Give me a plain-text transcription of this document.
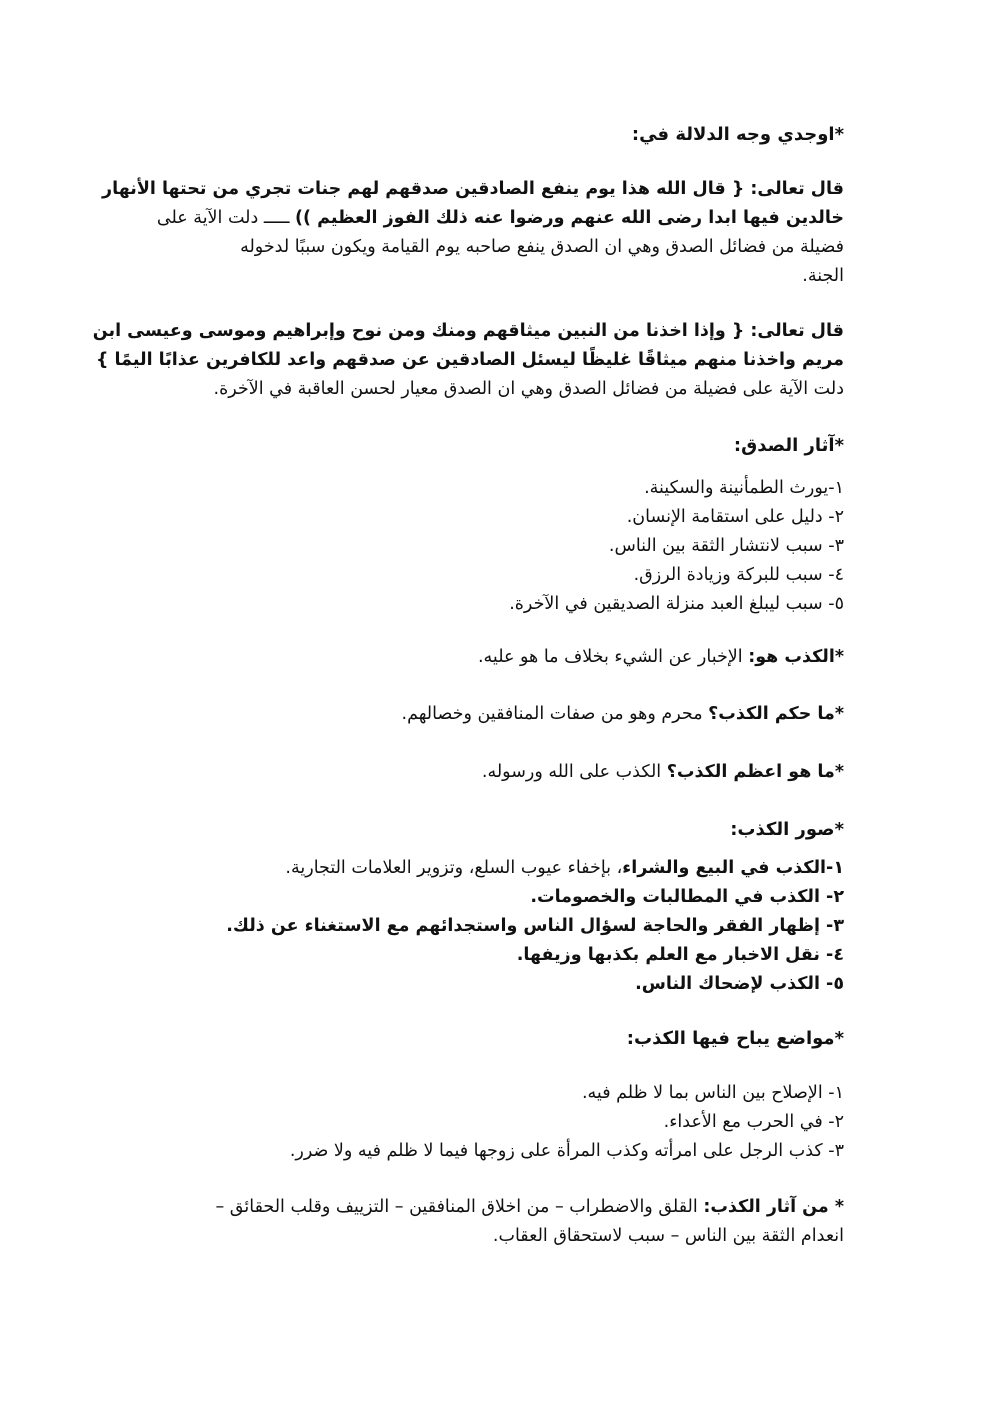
*اوجدي وجه الدلالة في:
قال تعالى: { قال الله هذا يوم ينفع الصادقين صدقهم لهم جنات تجري من تحتها الأنهار
خالدين فيها ابدا رضى الله عنهم ورضوا عنه ذلك الفوز العظيم )) ـــــ دلت الآية على
فضيلة من فضائل الصدق وهي ان الصدق ينفع صاحبه يوم القيامة ويكون سببًا لدخوله
الجنة.
قال تعالى: { وإذا اخذنا من النبين ميثاقهم ومنك ومن نوح وإبراهيم وموسى وعيسى ابن
مريم واخذنا منهم ميثاقًا غليظًا ليسئل الصادقين عن صدقهم واعد للكافرين عذابًا اليمًا }
دلت الآية على فضيلة من فضائل الصدق وهي ان الصدق معيار لحسن العاقبة في الآخرة.
*آثار الصدق:
١-يورث الطمأنينة والسكينة.
٢- دليل على استقامة الإنسان.
٣- سبب لانتشار الثقة بين الناس.
٤- سبب للبركة وزيادة الرزق.
٥- سبب ليبلغ العبد منزلة الصديقين في الآخرة.
*الكذب هو: الإخبار عن الشيء بخلاف ما هو عليه.
*ما حكم الكذب؟ محرم وهو من صفات المنافقين وخصالهم.
*ما هو اعظم الكذب؟ الكذب على الله ورسوله.
*صور الكذب:
١-الكذب في البيع والشراء، بإخفاء عيوب السلع، وتزوير العلامات التجارية.
٢- الكذب في المطالبات والخصومات.
٣- إظهار الفقر والحاجة لسؤال الناس واستجدائهم مع الاستغناء عن ذلك.
٤- نقل الاخبار مع العلم بكذبها وزيفها.
٥- الكذب لإضحاك الناس.
*مواضع يباح فيها الكذب:
١- الإصلاح بين الناس بما لا ظلم فيه.
٢- في الحرب مع الأعداء.
٣- كذب الرجل على امرأته وكذب المرأة على زوجها فيما لا ظلم فيه ولا ضرر.
* من آثار الكذب: القلق والاضطراب – من اخلاق المنافقين – التزييف وقلب الحقائق –
انعدام الثقة بين الناس – سبب لاستحقاق العقاب.
